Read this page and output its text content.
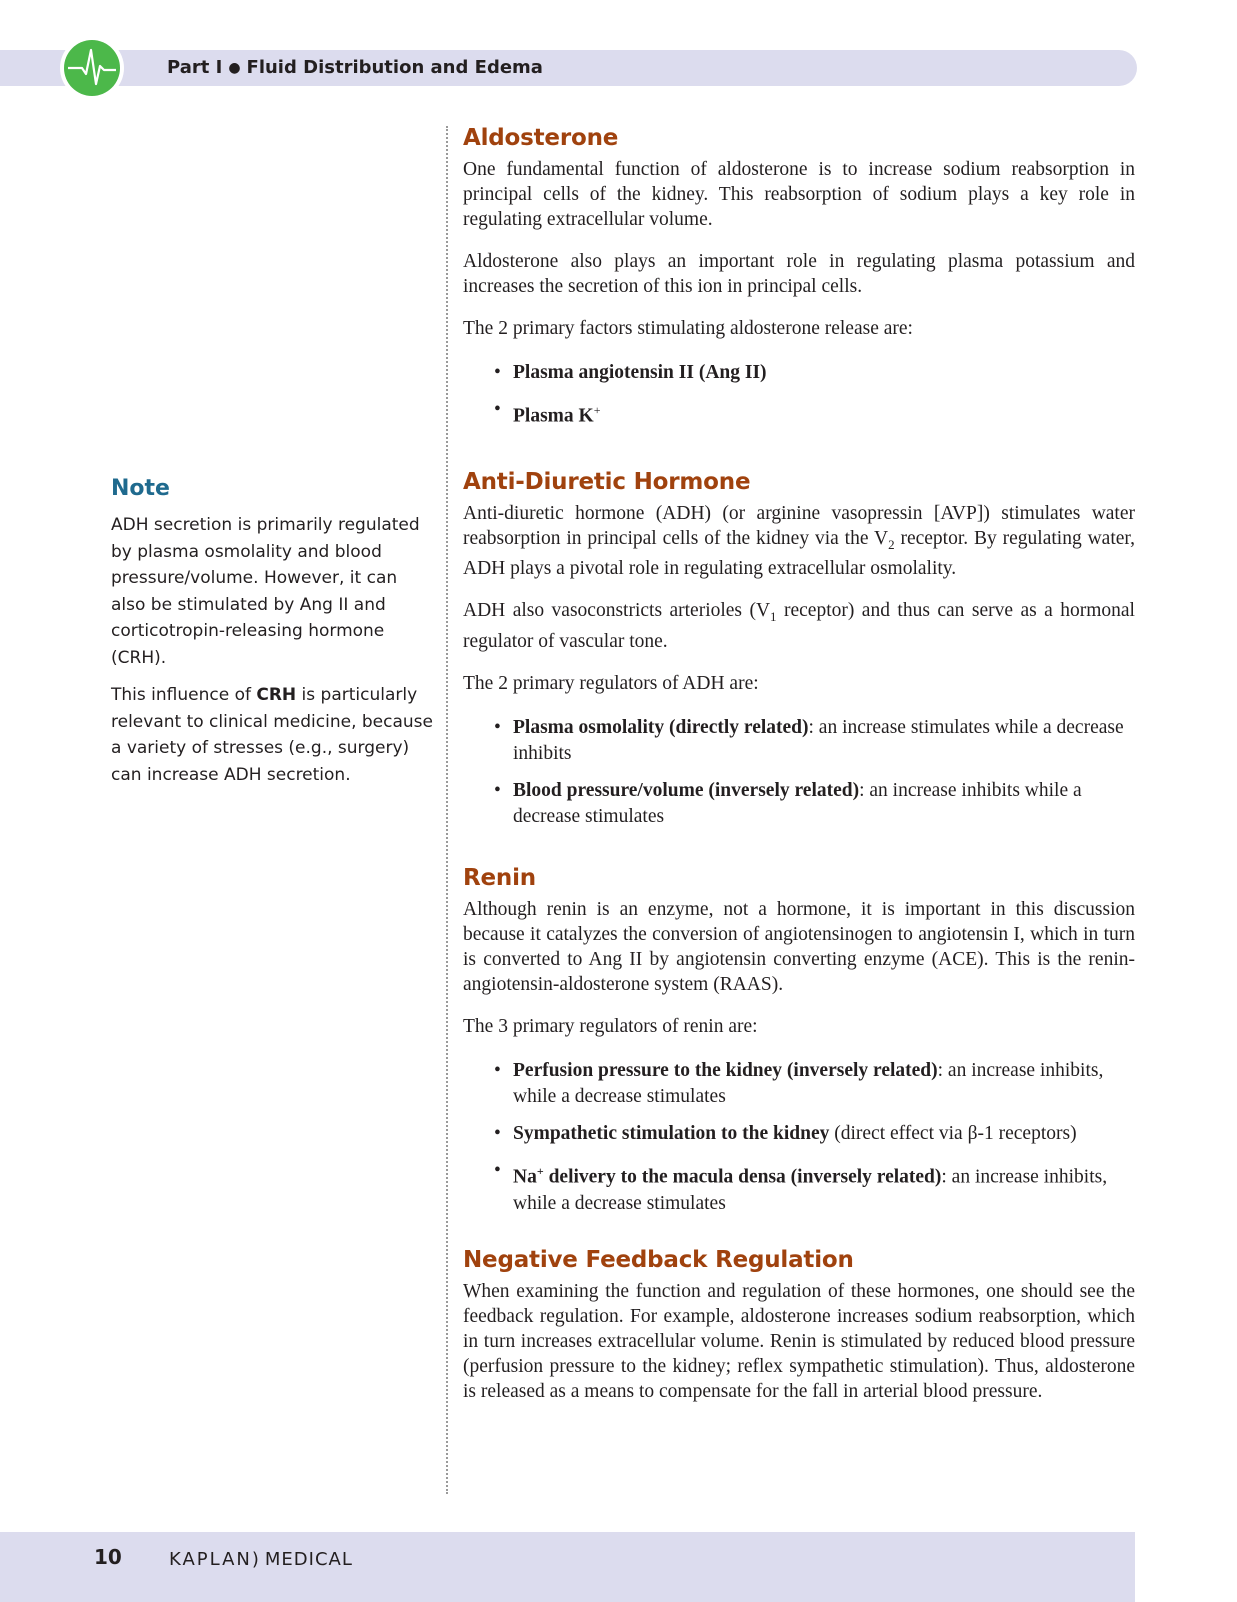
Part I ● Fluid Distribution and Edema
Note

ADH secretion is primarily regulated by plasma osmolality and blood pressure/volume. However, it can also be stimulated by Ang II and corticotropin-releasing hormone (CRH).

This influence of CRH is particularly relevant to clinical medicine, because a variety of stresses (e.g., surgery) can increase ADH secretion.

Aldosterone

One fundamental function of aldosterone is to increase sodium reabsorption in principal cells of the kidney. This reabsorption of sodium plays a key role in regulating extracellular volume.

Aldosterone also plays an important role in regulating plasma potassium and increases the secretion of this ion in principal cells.

The 2 primary factors stimulating aldosterone release are:

• Plasma angiotensin II (Ang II)
• Plasma K+
Anti-Diuretic Hormone

Anti-diuretic hormone (ADH) (or arginine vasopressin [AVP]) stimulates water reabsorption in principal cells of the kidney via the $V_2$ receptor. By regulating water, ADH plays a pivotal role in regulating extracellular osmolality.

ADH also vasoconstricts arterioles ($V_1$ receptor) and thus can serve as a hormonal regulator of vascular tone.

The 2 primary regulators of ADH are:

• Plasma osmolality (directly related): an increase stimulates while a decrease inhibits
• Blood pressure/volume (inversely related): an increase inhibits while a decrease stimulates
Renin

Although renin is an enzyme, not a hormone, it is important in this discussion because it catalyzes the conversion of angiotensinogen to angiotensin I, which in turn is converted to Ang II by angiotensin converting enzyme (ACE). This is the renin-angiotensin-aldosterone system (RAAS).

The 3 primary regulators of renin are:

• Perfusion pressure to the kidney (inversely related): an increase inhibits, while a decrease stimulates
• Sympathetic stimulation to the kidney (direct effect via β-1 receptors)
• Na+ delivery to the macula densa (inversely related): an increase inhibits, while a decrease stimulates
Negative Feedback Regulation

When examining the function and regulation of these hormones, one should see the feedback regulation. For example, aldosterone increases sodium reabsorption, which in turn increases extracellular volume. Renin is stimulated by reduced blood pressure (perfusion pressure to the kidney; reflex sympathetic stimulation). Thus, aldosterone is released as a means to compensate for the fall in arterial blood pressure.

10	KAPLAN) MEDICAL
